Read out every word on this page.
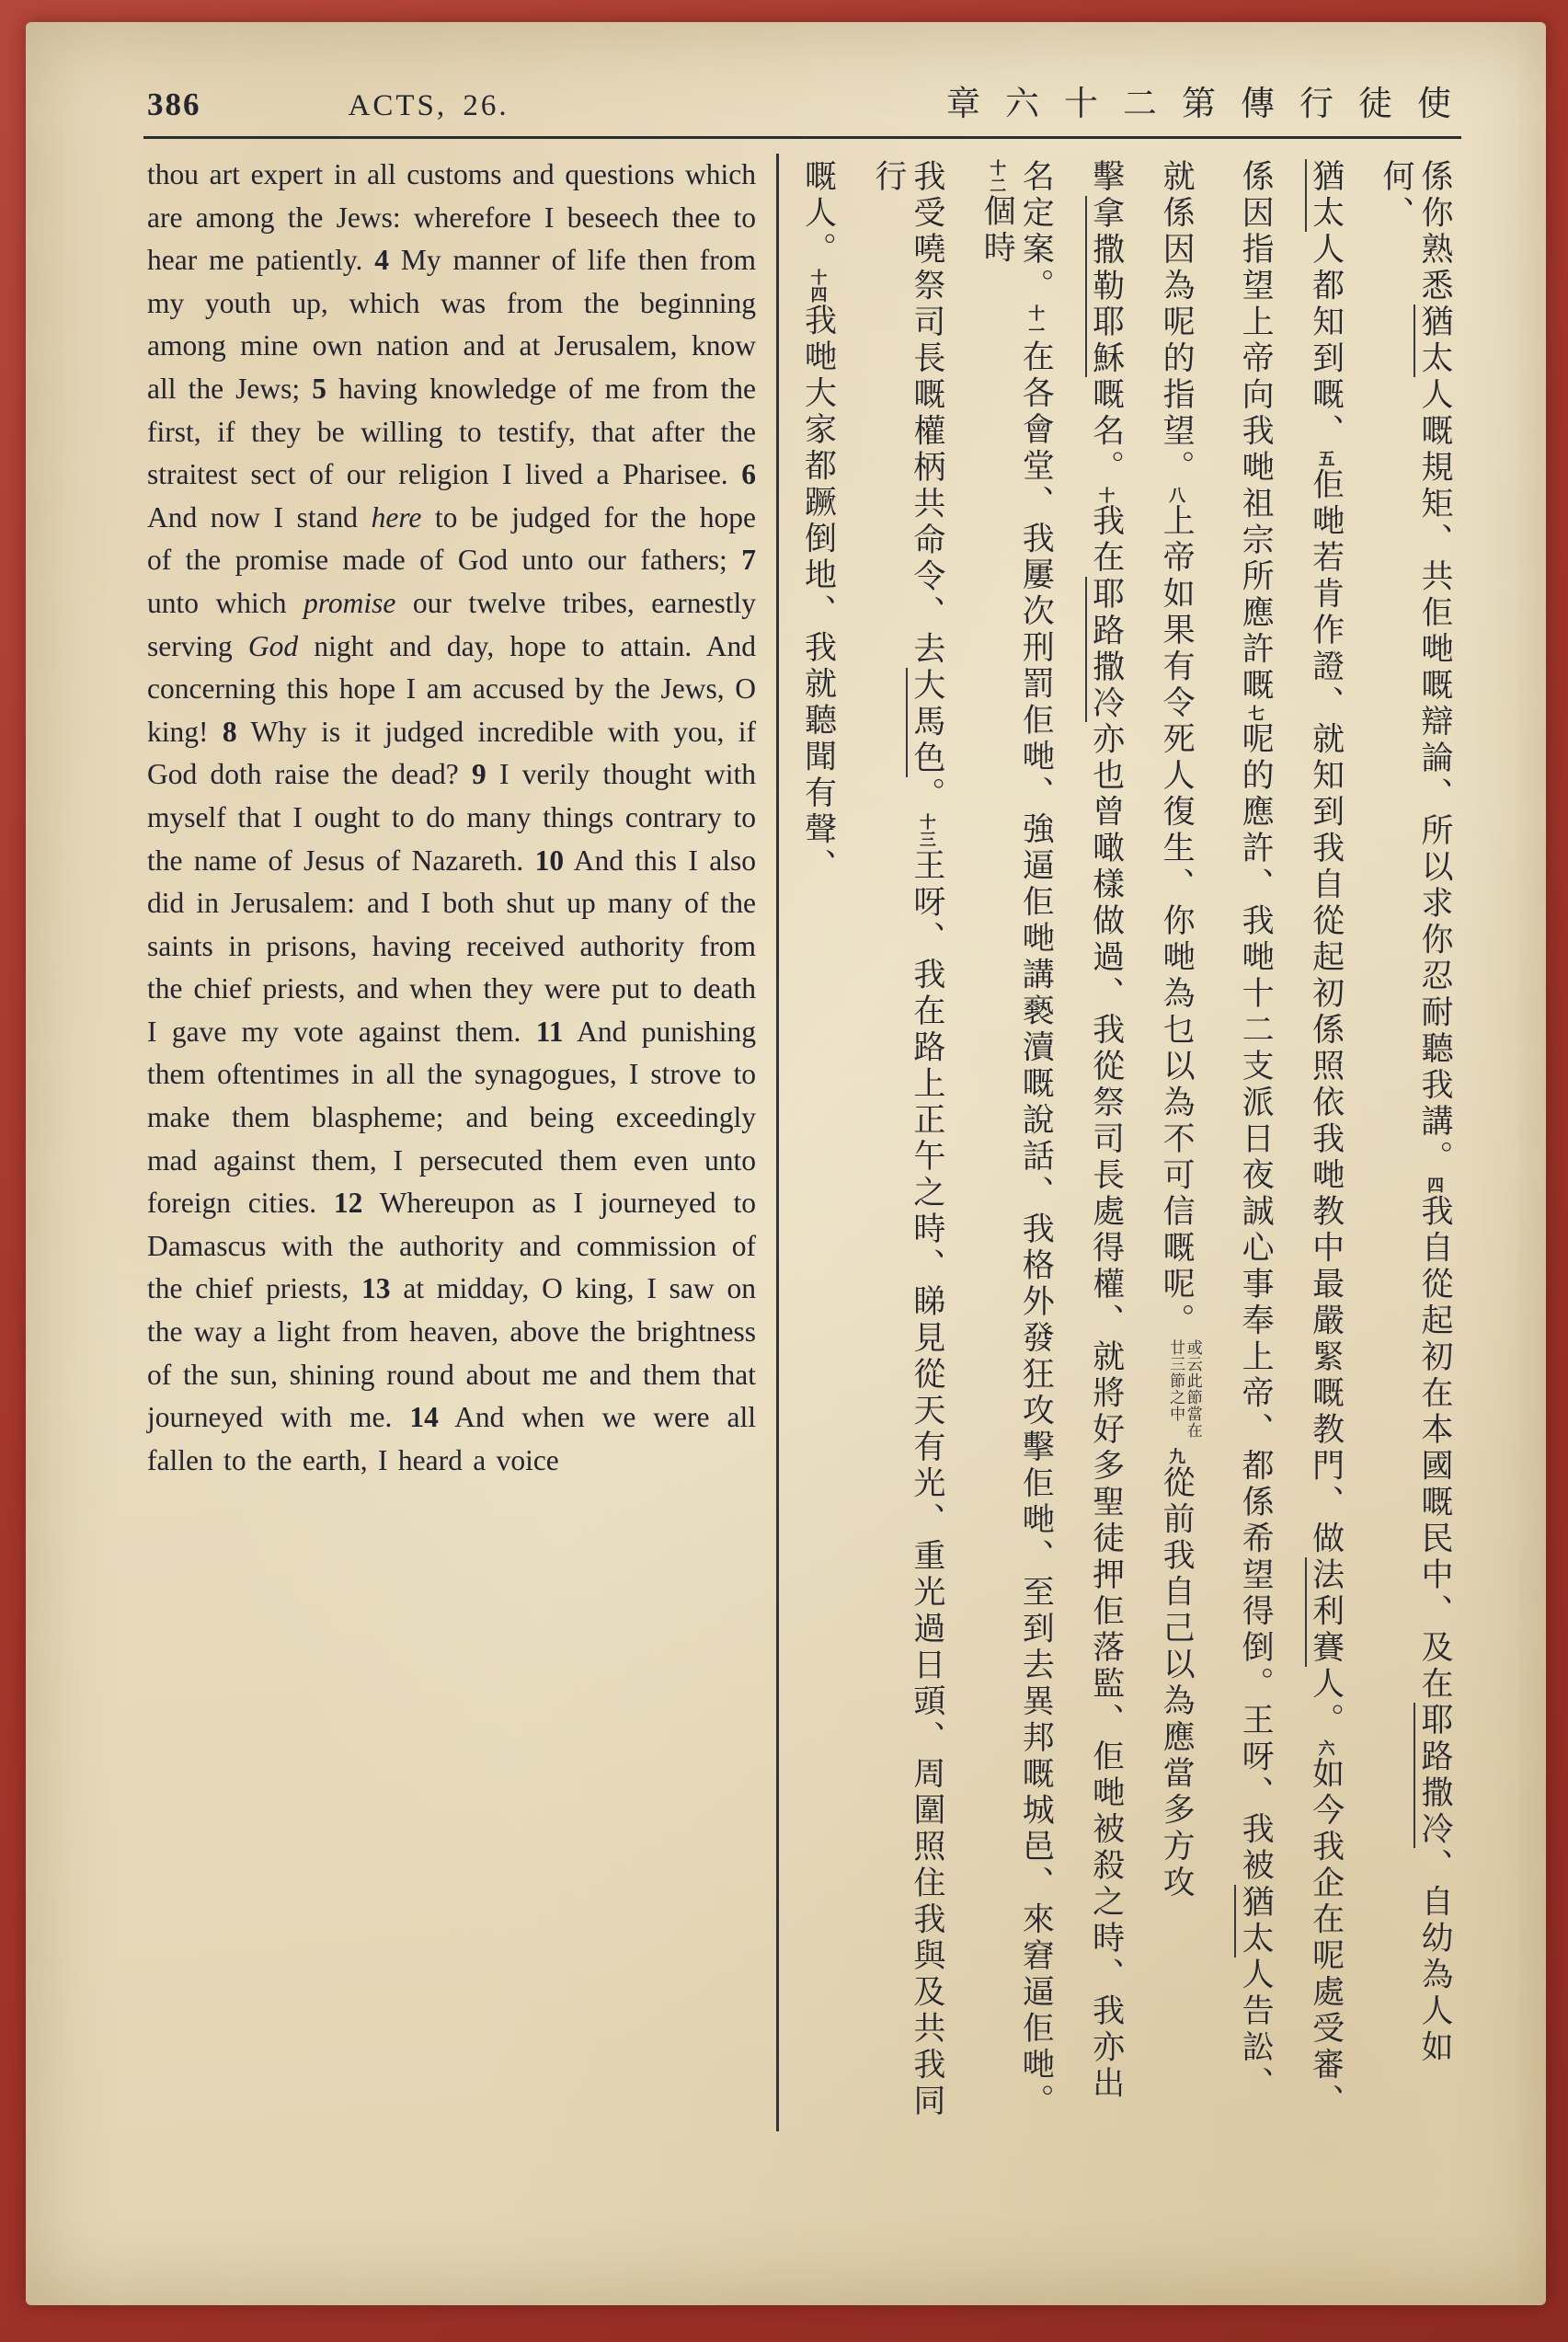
386	ACTS, 26.	章六十二第傳行徒使
thou art expert in all customs and questions which are among the Jews: wherefore I beseech thee to hear me patiently. 4 My manner of life then from my youth up, which was from the beginning among mine own nation and at Jerusalem, know all the Jews; 5 having knowledge of me from the first, if they be willing to testify, that after the straitest sect of our religion I lived a Pharisee. 6 And now I stand here to be judged for the hope of the promise made of God unto our fathers; 7 unto which promise our twelve tribes, earnestly serving God night and day, hope to attain. And concerning this hope I am accused by the Jews, O king! 8 Why is it judged incredible with you, if God doth raise the dead? 9 I verily thought with myself that I ought to do many things contrary to the name of Jesus of Nazareth. 10 And this I also did in Jerusalem: and I both shut up many of the saints in prisons, having received authority from the chief priests, and when they were put to death I gave my vote against them. 11 And punishing them oftentimes in all the synagogues, I strove to make them blaspheme; and being exceedingly mad against them, I persecuted them even unto foreign cities. 12 Whereupon as I journeyed to Damascus with the authority and commission of the chief priests, 13 at midday, O king, I saw on the way a light from heaven, above the brightness of the sun, shining round about me and them that journeyed with me. 14 And when we were all fallen to the earth, I heard a voice
係你熟悉猶太人嘅規矩、共佢哋嘅辯論、所以求你忍耐聽我講。四我自從起初在本國嘅民中、及在耶路撒冷、自幼為人如何、
猶太人都知到嘅、五佢哋若肯作證、就知到我自從起初係照依我哋教中最嚴緊嘅教門、做法利賽人。六如今我企在呢處受審、
係因指望上帝向我哋祖宗所應許嘅七呢的應許、我哋十二支派日夜誠心事奉上帝、都係希望得倒。王呀、我被猶太人告訟、
就係因為呢的指望。八上帝如果有令死人復生、你哋為乜以為不可信嘅呢。或云此節當在廿三節之中九從前我自己以為應當多方攻
擊拿撒勒耶穌嘅名。十我在耶路撒冷亦也曾噉樣做過、我從祭司長處得權、就將好多聖徒押佢落監、佢哋被殺之時、我亦出
名定案。十一在各會堂、我屢次刑罰佢哋、強逼佢哋講褻瀆嘅說話、我格外發狂攻擊佢哋、至到去異邦嘅城邑、來窘逼佢哋。十二個時
我受嘵祭司長嘅權柄共命令、去大馬色。十三王呀、我在路上正午之時、睇見從天有光、重光過日頭、周圍照住我與及共我同行
嘅人。十四我哋大家都蹶倒地、我就聽聞有聲、
